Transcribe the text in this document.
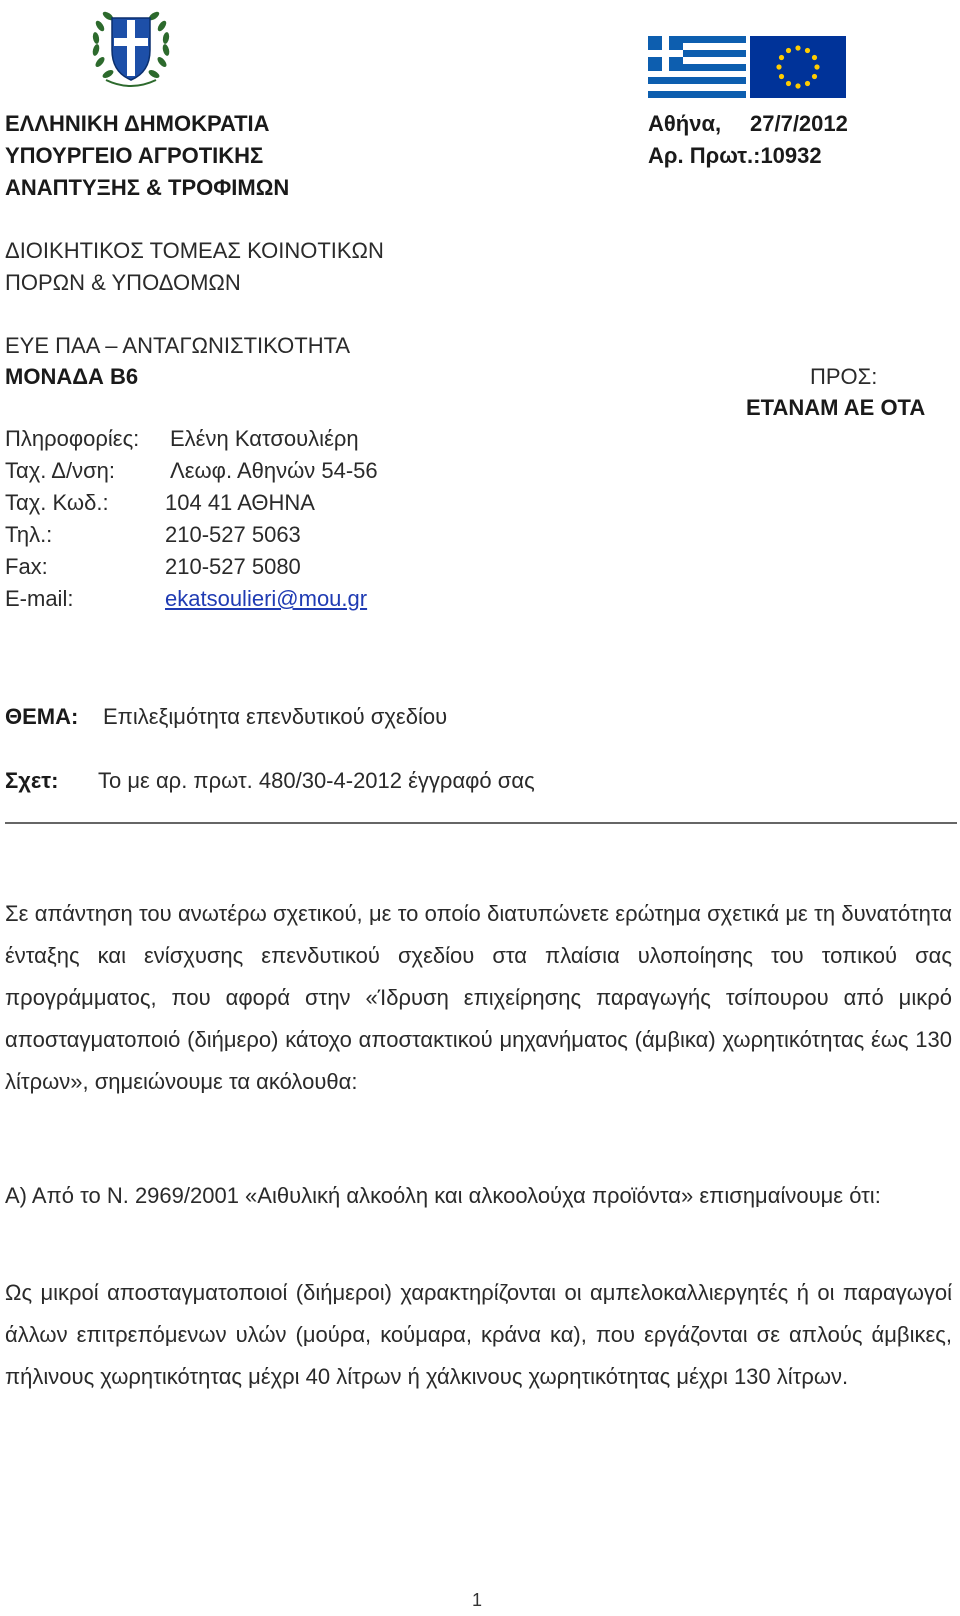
ΕΛΛΗΝΙΚΗ ΔΗΜΟΚΡΑΤΙΑ
ΥΠΟΥΡΓΕΙΟ ΑΓΡΟΤΙΚΗΣ
ΑΝΑΠΤΥΞΗΣ & ΤΡΟΦΙΜΩΝ
ΔΙΟΙΚΗΤΙΚΟΣ ΤΟΜΕΑΣ ΚΟΙΝΟΤΙΚΩΝ
ΠΟΡΩΝ & ΥΠΟΔΟΜΩΝ
ΕΥΕ ΠΑΑ – ΑΝΤΑΓΩΝΙΣΤΙΚΟΤΗΤΑ
ΜΟΝΑΔΑ Β6
Αθήνα, 27/7/2012
Αρ. Πρωτ.:10932
ΠΡΟΣ:
ΕΤΑΝΑΜ ΑΕ ΟΤΑ
Πληροφορίες: Ελένη Κατσουλιέρη
Ταχ. Δ/νση: Λεωφ. Αθηνών 54-56
Ταχ. Κωδ.:	104 41 ΑΘΗΝΑ
Τηλ.:	210-527 5063
Fax:	210-527 5080
E-mail:	ekatsoulieri@mou.gr
ΘΕΜΑ: Επιλεξιμότητα επενδυτικού σχεδίου
Σχετ: Το με αρ. πρωτ. 480/30-4-2012 έγγραφό σας
Σε απάντηση του ανωτέρω σχετικού, με το οποίο διατυπώνετε ερώτημα σχετικά με τη δυνατότητα ένταξης και ενίσχυσης επενδυτικού σχεδίου στα πλαίσια υλοποίησης του τοπικού σας προγράμματος, που αφορά στην «Ίδρυση επιχείρησης παραγωγής τσίπουρου από μικρό αποσταγματοποιό (διήμερο) κάτοχο αποστακτικού μηχανήματος (άμβικα) χωρητικότητας έως 130 λίτρων», σημειώνουμε τα ακόλουθα:
Α) Από το Ν. 2969/2001 «Αιθυλική αλκοόλη και αλκοολούχα προϊόντα» επισημαίνουμε ότι:
Ως μικροί αποσταγματοποιοί (διήμεροι) χαρακτηρίζονται οι αμπελοκαλλιεργητές ή οι παραγωγοί άλλων επιτρεπόμενων υλών (μούρα, κούμαρα, κράνα κα), που εργάζονται σε απλούς άμβικες, πήλινους χωρητικότητας μέχρι 40 λίτρων ή χάλκινους χωρητικότητας μέχρι 130 λίτρων.
1
